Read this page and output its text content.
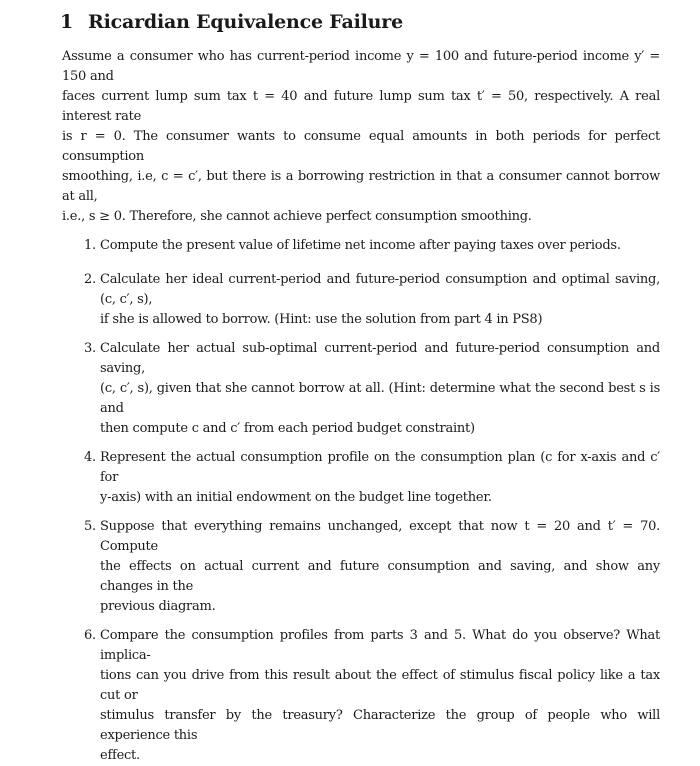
1 Ricardian Equivalence Failure

Assume a consumer who has current-period income y = 100 and future-period income y′ = 150 and
faces current lump sum tax t = 40 and future lump sum tax t′ = 50, respectively. A real interest rate
is r = 0. The consumer wants to consume equal amounts in both periods for perfect consumption
smoothing, i.e, c = c′, but there is a borrowing restriction in that a consumer cannot borrow at all,
i.e., s ≥ 0. Therefore, she cannot achieve perfect consumption smoothing.

1. Compute the present value of lifetime net income after paying taxes over periods.
2. Calculate her ideal current-period and future-period consumption and optimal saving, (c, c′, s),
if she is allowed to borrow. (Hint: use the solution from part 4 in PS8)
3. Calculate her actual sub-optimal current-period and future-period consumption and saving,
(c, c′, s), given that she cannot borrow at all. (Hint: determine what the second best s is and
then compute c and c′ from each period budget constraint)
4. Represent the actual consumption profile on the consumption plan (c for x-axis and c′ for
y-axis) with an initial endowment on the budget line together.
5. Suppose that everything remains unchanged, except that now t = 20 and t′ = 70. Compute
the effects on actual current and future consumption and saving, and show any changes in the
previous diagram.
6. Compare the consumption profiles from parts 3 and 5. What do you observe? What implica-
tions can you drive from this result about the effect of stimulus fiscal policy like a tax cut or
stimulus transfer by the treasury? Characterize the group of people who will experience this
effect.
